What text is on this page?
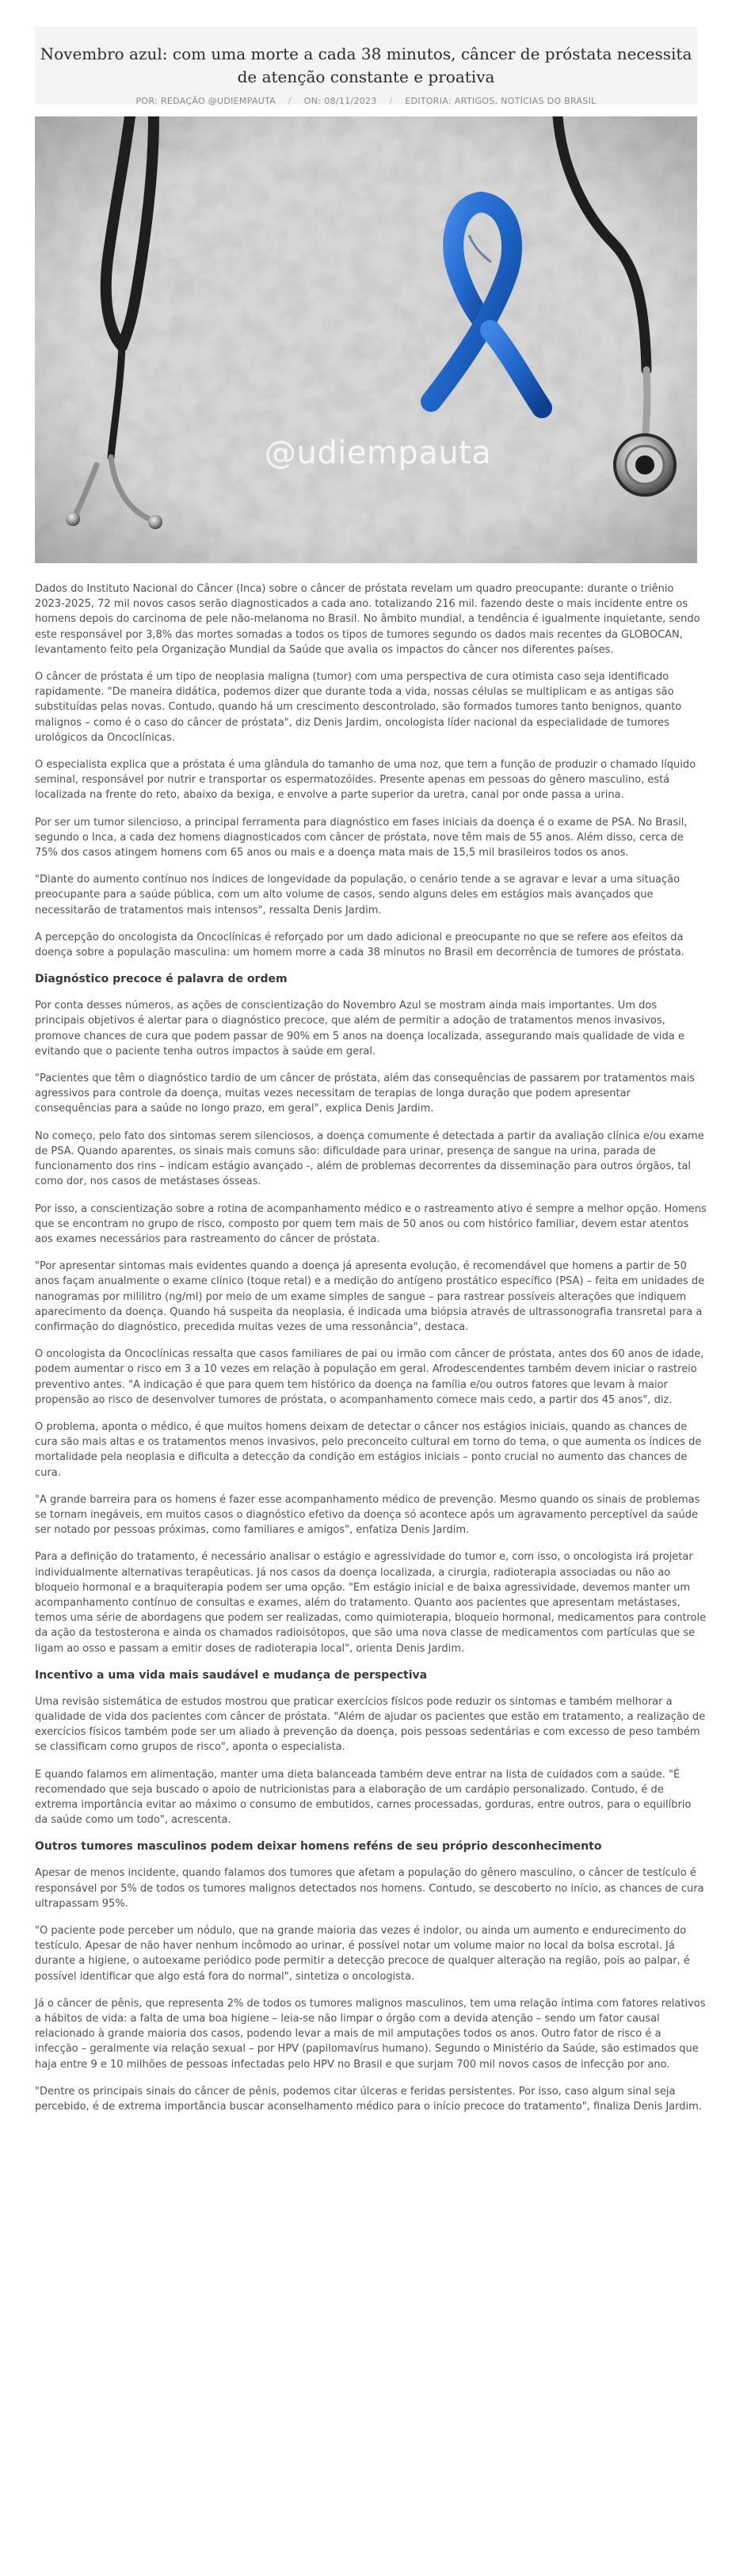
Novembro azul: com uma morte a cada 38 minutos, câncer de próstata necessita de atenção constante e proativa
POR: REDAÇÃO @UDIEMPAUTA / ON: 08/11/2023 / EDITORIA: ARTIGOS, NOTÍCIAS DO BRASIL
@udiempauta

Dados do Instituto Nacional do Câncer (Inca) sobre o câncer de próstata revelam um quadro preocupante: durante o triênio 2023-2025, 72 mil novos casos serão diagnosticados a cada ano. totalizando 216 mil. fazendo deste o mais incidente entre os homens depois do carcinoma de pele não-melanoma no Brasil. No âmbito mundial, a tendência é igualmente inquietante, sendo este responsável por 3,8% das mortes somadas a todos os tipos de tumores segundo os dados mais recentes da GLOBOCAN, levantamento feito pela Organização Mundial da Saúde que avalia os impactos do câncer nos diferentes países.

O câncer de próstata é um tipo de neoplasia maligna (tumor) com uma perspectiva de cura otimista caso seja identificado rapidamente. "De maneira didática, podemos dizer que durante toda a vida, nossas células se multiplicam e as antigas são substituídas pelas novas. Contudo, quando há um crescimento descontrolado, são formados tumores tanto benignos, quanto malignos – como é o caso do câncer de próstata", diz Denis Jardim, oncologista líder nacional da especialidade de tumores urológicos da Oncoclínicas.

O especialista explica que a próstata é uma glândula do tamanho de uma noz, que tem a função de produzir o chamado líquido seminal, responsável por nutrir e transportar os espermatozóides. Presente apenas em pessoas do gênero masculino, está localizada na frente do reto, abaixo da bexiga, e envolve a parte superior da uretra, canal por onde passa a urina.

Por ser um tumor silencioso, a principal ferramenta para diagnóstico em fases iniciais da doença é o exame de PSA. No Brasil, segundo o Inca, a cada dez homens diagnosticados com câncer de próstata, nove têm mais de 55 anos. Além disso, cerca de 75% dos casos atingem homens com 65 anos ou mais e a doença mata mais de 15,5 mil brasileiros todos os anos.

"Diante do aumento contínuo nos índices de longevidade da população, o cenário tende a se agravar e levar a uma situação preocupante para a saúde pública, com um alto volume de casos, sendo alguns deles em estágios mais avançados que necessitarão de tratamentos mais intensos", ressalta Denis Jardim.

A percepção do oncologista da Oncoclínicas é reforçado por um dado adicional e preocupante no que se refere aos efeitos da doença sobre a população masculina: um homem morre a cada 38 minutos no Brasil em decorrência de tumores de próstata.

Diagnóstico precoce é palavra de ordem

Por conta desses números, as ações de conscientização do Novembro Azul se mostram ainda mais importantes. Um dos principais objetivos é alertar para o diagnóstico precoce, que além de permitir a adoção de tratamentos menos invasivos, promove chances de cura que podem passar de 90% em 5 anos na doença localizada, assegurando mais qualidade de vida e evitando que o paciente tenha outros impactos à saúde em geral.

"Pacientes que têm o diagnóstico tardio de um câncer de próstata, além das consequências de passarem por tratamentos mais agressivos para controle da doença, muitas vezes necessitam de terapias de longa duração que podem apresentar consequências para a saúde no longo prazo, em geral", explica Denis Jardim.

No começo, pelo fato dos sintomas serem silenciosos, a doença comumente é detectada a partir da avaliação clínica e/ou exame de PSA. Quando aparentes, os sinais mais comuns são: dificuldade para urinar, presença de sangue na urina, parada de funcionamento dos rins – indicam estágio avançado -, além de problemas decorrentes da disseminação para outros órgãos, tal como dor, nos casos de metástases ósseas.

Por isso, a conscientização sobre a rotina de acompanhamento médico e o rastreamento ativo é sempre a melhor opção. Homens que se encontram no grupo de risco, composto por quem tem mais de 50 anos ou com histórico familiar, devem estar atentos aos exames necessários para rastreamento do câncer de próstata.

"Por apresentar sintomas mais evidentes quando a doença já apresenta evolução, é recomendável que homens a partir de 50 anos façam anualmente o exame clínico (toque retal) e a medição do antígeno prostático específico (PSA) – feita em unidades de nanogramas por mililitro (ng/ml) por meio de um exame simples de sangue – para rastrear possíveis alterações que indiquem aparecimento da doença. Quando há suspeita da neoplasia, é indicada uma biópsia através de ultrassonografia transretal para a confirmação do diagnóstico, precedida muitas vezes de uma ressonância", destaca.

O oncologista da Oncoclínicas ressalta que casos familiares de pai ou irmão com câncer de próstata, antes dos 60 anos de idade, podem aumentar o risco em 3 a 10 vezes em relação à população em geral. Afrodescendentes também devem iniciar o rastreio preventivo antes. "A indicação é que para quem tem histórico da doença na família e/ou outros fatores que levam à maior propensão ao risco de desenvolver tumores de próstata, o acompanhamento comece mais cedo, a partir dos 45 anos", diz.

O problema, aponta o médico, é que muitos homens deixam de detectar o câncer nos estágios iniciais, quando as chances de cura são mais altas e os tratamentos menos invasivos, pelo preconceito cultural em torno do tema, o que aumenta os índices de mortalidade pela neoplasia e dificulta a detecção da condição em estágios iniciais – ponto crucial no aumento das chances de cura.

"A grande barreira para os homens é fazer esse acompanhamento médico de prevenção. Mesmo quando os sinais de problemas se tornam inegáveis, em muitos casos o diagnóstico efetivo da doença só acontece após um agravamento perceptível da saúde ser notado por pessoas próximas, como familiares e amigos", enfatiza Denis Jardim.

Para a definição do tratamento, é necessário analisar o estágio e agressividade do tumor e, com isso, o oncologista irá projetar individualmente alternativas terapêuticas. Já nos casos da doença localizada, a cirurgia, radioterapia associadas ou não ao bloqueio hormonal e a braquiterapia podem ser uma opção. "Em estágio inicial e de baixa agressividade, devemos manter um acompanhamento contínuo de consultas e exames, além do tratamento. Quanto aos pacientes que apresentam metástases, temos uma série de abordagens que podem ser realizadas, como quimioterapia, bloqueio hormonal, medicamentos para controle da ação da testosterona e ainda os chamados radioisótopos, que são uma nova classe de medicamentos com partículas que se ligam ao osso e passam a emitir doses de radioterapia local", orienta Denis Jardim.

Incentivo a uma vida mais saudável e mudança de perspectiva

Uma revisão sistemática de estudos mostrou que praticar exercícios físicos pode reduzir os sintomas e também melhorar a qualidade de vida dos pacientes com câncer de próstata. "Além de ajudar os pacientes que estão em tratamento, a realização de exercícios físicos também pode ser um aliado à prevenção da doença, pois pessoas sedentárias e com excesso de peso também se classificam como grupos de risco", aponta o especialista.

E quando falamos em alimentação, manter uma dieta balanceada também deve entrar na lista de cuidados com a saúde. "É recomendado que seja buscado o apoio de nutricionistas para a elaboração de um cardápio personalizado. Contudo, é de extrema importância evitar ao máximo o consumo de embutidos, carnes processadas, gorduras, entre outros, para o equilíbrio da saúde como um todo", acrescenta.

Outros tumores masculinos podem deixar homens reféns de seu próprio desconhecimento

Apesar de menos incidente, quando falamos dos tumores que afetam a população do gênero masculino, o câncer de testículo é responsável por 5% de todos os tumores malignos detectados nos homens. Contudo, se descoberto no início, as chances de cura ultrapassam 95%.

"O paciente pode perceber um nódulo, que na grande maioria das vezes é indolor, ou ainda um aumento e endurecimento do testículo. Apesar de não haver nenhum incômodo ao urinar, é possível notar um volume maior no local da bolsa escrotal. Já durante a higiene, o autoexame periódico pode permitir a detecção precoce de qualquer alteração na região, pois ao palpar, é possível identificar que algo está fora do normal", sintetiza o oncologista.

Já o câncer de pênis, que representa 2% de todos os tumores malignos masculinos, tem uma relação íntima com fatores relativos a hábitos de vida: a falta de uma boa higiene – leia-se não limpar o órgão com a devida atenção – sendo um fator causal relacionado à grande maioria dos casos, podendo levar a mais de mil amputações todos os anos. Outro fator de risco é a infecção – geralmente via relação sexual – por HPV (papilomavírus humano). Segundo o Ministério da Saúde, são estimados que haja entre 9 e 10 milhões de pessoas infectadas pelo HPV no Brasil e que surjam 700 mil novos casos de infecção por ano.

"Dentre os principais sinais do câncer de pênis, podemos citar úlceras e feridas persistentes. Por isso, caso algum sinal seja percebido, é de extrema importância buscar aconselhamento médico para o início precoce do tratamento", finaliza Denis Jardim.
